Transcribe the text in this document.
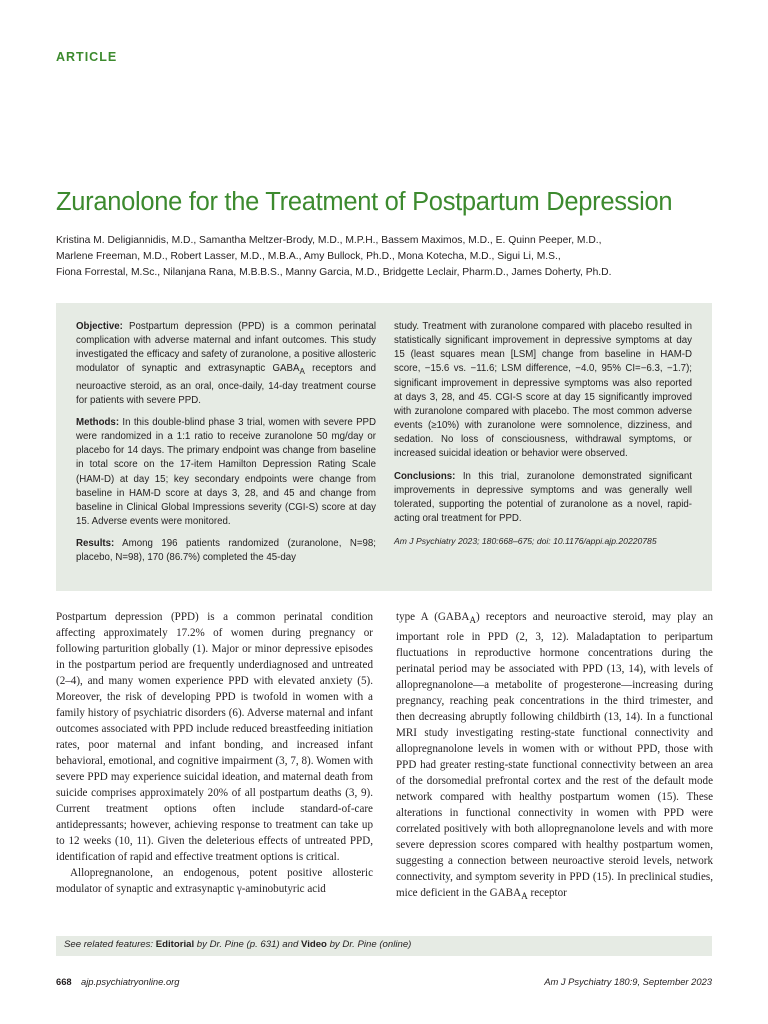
ARTICLE
Zuranolone for the Treatment of Postpartum Depression
Kristina M. Deligiannidis, M.D., Samantha Meltzer-Brody, M.D., M.P.H., Bassem Maximos, M.D., E. Quinn Peeper, M.D.,
Marlene Freeman, M.D., Robert Lasser, M.D., M.B.A., Amy Bullock, Ph.D., Mona Kotecha, M.D., Sigui Li, M.S.,
Fiona Forrestal, M.Sc., Nilanjana Rana, M.B.B.S., Manny Garcia, M.D., Bridgette Leclair, Pharm.D., James Doherty, Ph.D.

Objective: Postpartum depression (PPD) is a common perinatal complication with adverse maternal and infant outcomes. This study investigated the efficacy and safety of zuranolone, a positive allosteric modulator of synaptic and extrasynaptic $GABA_A$ receptors and neuroactive steroid, as an oral, once-daily, 14-day treatment course for patients with severe PPD.

Methods: In this double-blind phase 3 trial, women with severe PPD were randomized in a 1:1 ratio to receive zuranolone 50 mg/day or placebo for 14 days. The primary endpoint was change from baseline in total score on the 17-item Hamilton Depression Rating Scale (HAM-D) at day 15; key secondary endpoints were change from baseline in HAM-D score at days 3, 28, and 45 and change from baseline in Clinical Global Impressions severity (CGI-S) score at day 15. Adverse events were monitored.

Results: Among 196 patients randomized (zuranolone, N=98; placebo, N=98), 170 (86.7%) completed the 45-day

study. Treatment with zuranolone compared with placebo resulted in statistically significant improvement in depressive symptoms at day 15 (least squares mean [LSM] change from baseline in HAM-D score, −15.6 vs. −11.6; LSM difference, −4.0, 95% CI=−6.3, −1.7); significant improvement in depressive symptoms was also reported at days 3, 28, and 45. CGI-S score at day 15 significantly improved with zuranolone compared with placebo. The most common adverse events (≥10%) with zuranolone were somnolence, dizziness, and sedation. No loss of consciousness, withdrawal symptoms, or increased suicidal ideation or behavior were observed.

Conclusions: In this trial, zuranolone demonstrated significant improvements in depressive symptoms and was generally well tolerated, supporting the potential of zuranolone as a novel, rapid-acting oral treatment for PPD.

Am J Psychiatry 2023; 180:668–675; doi: 10.1176/appi.ajp.20220785

Postpartum depression (PPD) is a common perinatal condition affecting approximately 17.2% of women during pregnancy or following parturition globally (1). Major or minor depressive episodes in the postpartum period are frequently underdiagnosed and untreated (2–4), and many women experience PPD with elevated anxiety (5). Moreover, the risk of developing PPD is twofold in women with a family history of psychiatric disorders (6). Adverse maternal and infant outcomes associated with PPD include reduced breastfeeding initiation rates, poor maternal and infant bonding, and increased infant behavioral, emotional, and cognitive impairment (3, 7, 8). Women with severe PPD may experience suicidal ideation, and maternal death from suicide comprises approximately 20% of all postpartum deaths (3, 9). Current treatment options often include standard-of-care antidepressants; however, achieving response to treatment can take up to 12 weeks (10, 11). Given the deleterious effects of untreated PPD, identification of rapid and effective treatment options is critical.

Allopregnanolone, an endogenous, potent positive allosteric modulator of synaptic and extrasynaptic γ-aminobutyric acid

type A $(GABA_A)$ receptors and neuroactive steroid, may play an important role in PPD (2, 3, 12). Maladaptation to peripartum fluctuations in reproductive hormone concentrations during the perinatal period may be associated with PPD (13, 14), with levels of allopregnanolone—a metabolite of progesterone—increasing during pregnancy, reaching peak concentrations in the third trimester, and then decreasing abruptly following childbirth (13, 14). In a functional MRI study investigating resting-state functional connectivity and allopregnanolone levels in women with or without PPD, those with PPD had greater resting-state functional connectivity between an area of the dorsomedial prefrontal cortex and the rest of the default mode network compared with healthy postpartum women (15). These alterations in functional connectivity in women with PPD were correlated positively with both allopregnanolone levels and with more severe depression scores compared with healthy postpartum women, suggesting a connection between neuroactive steroid levels, network connectivity, and symptom severity in PPD (15). In preclinical studies, mice deficient in the $GABA_A$ receptor

See related features: Editorial by Dr. Pine (p. 631) and Video by Dr. Pine (online)
668 ajp.psychiatryonline.org	Am J Psychiatry 180:9, September 2023
